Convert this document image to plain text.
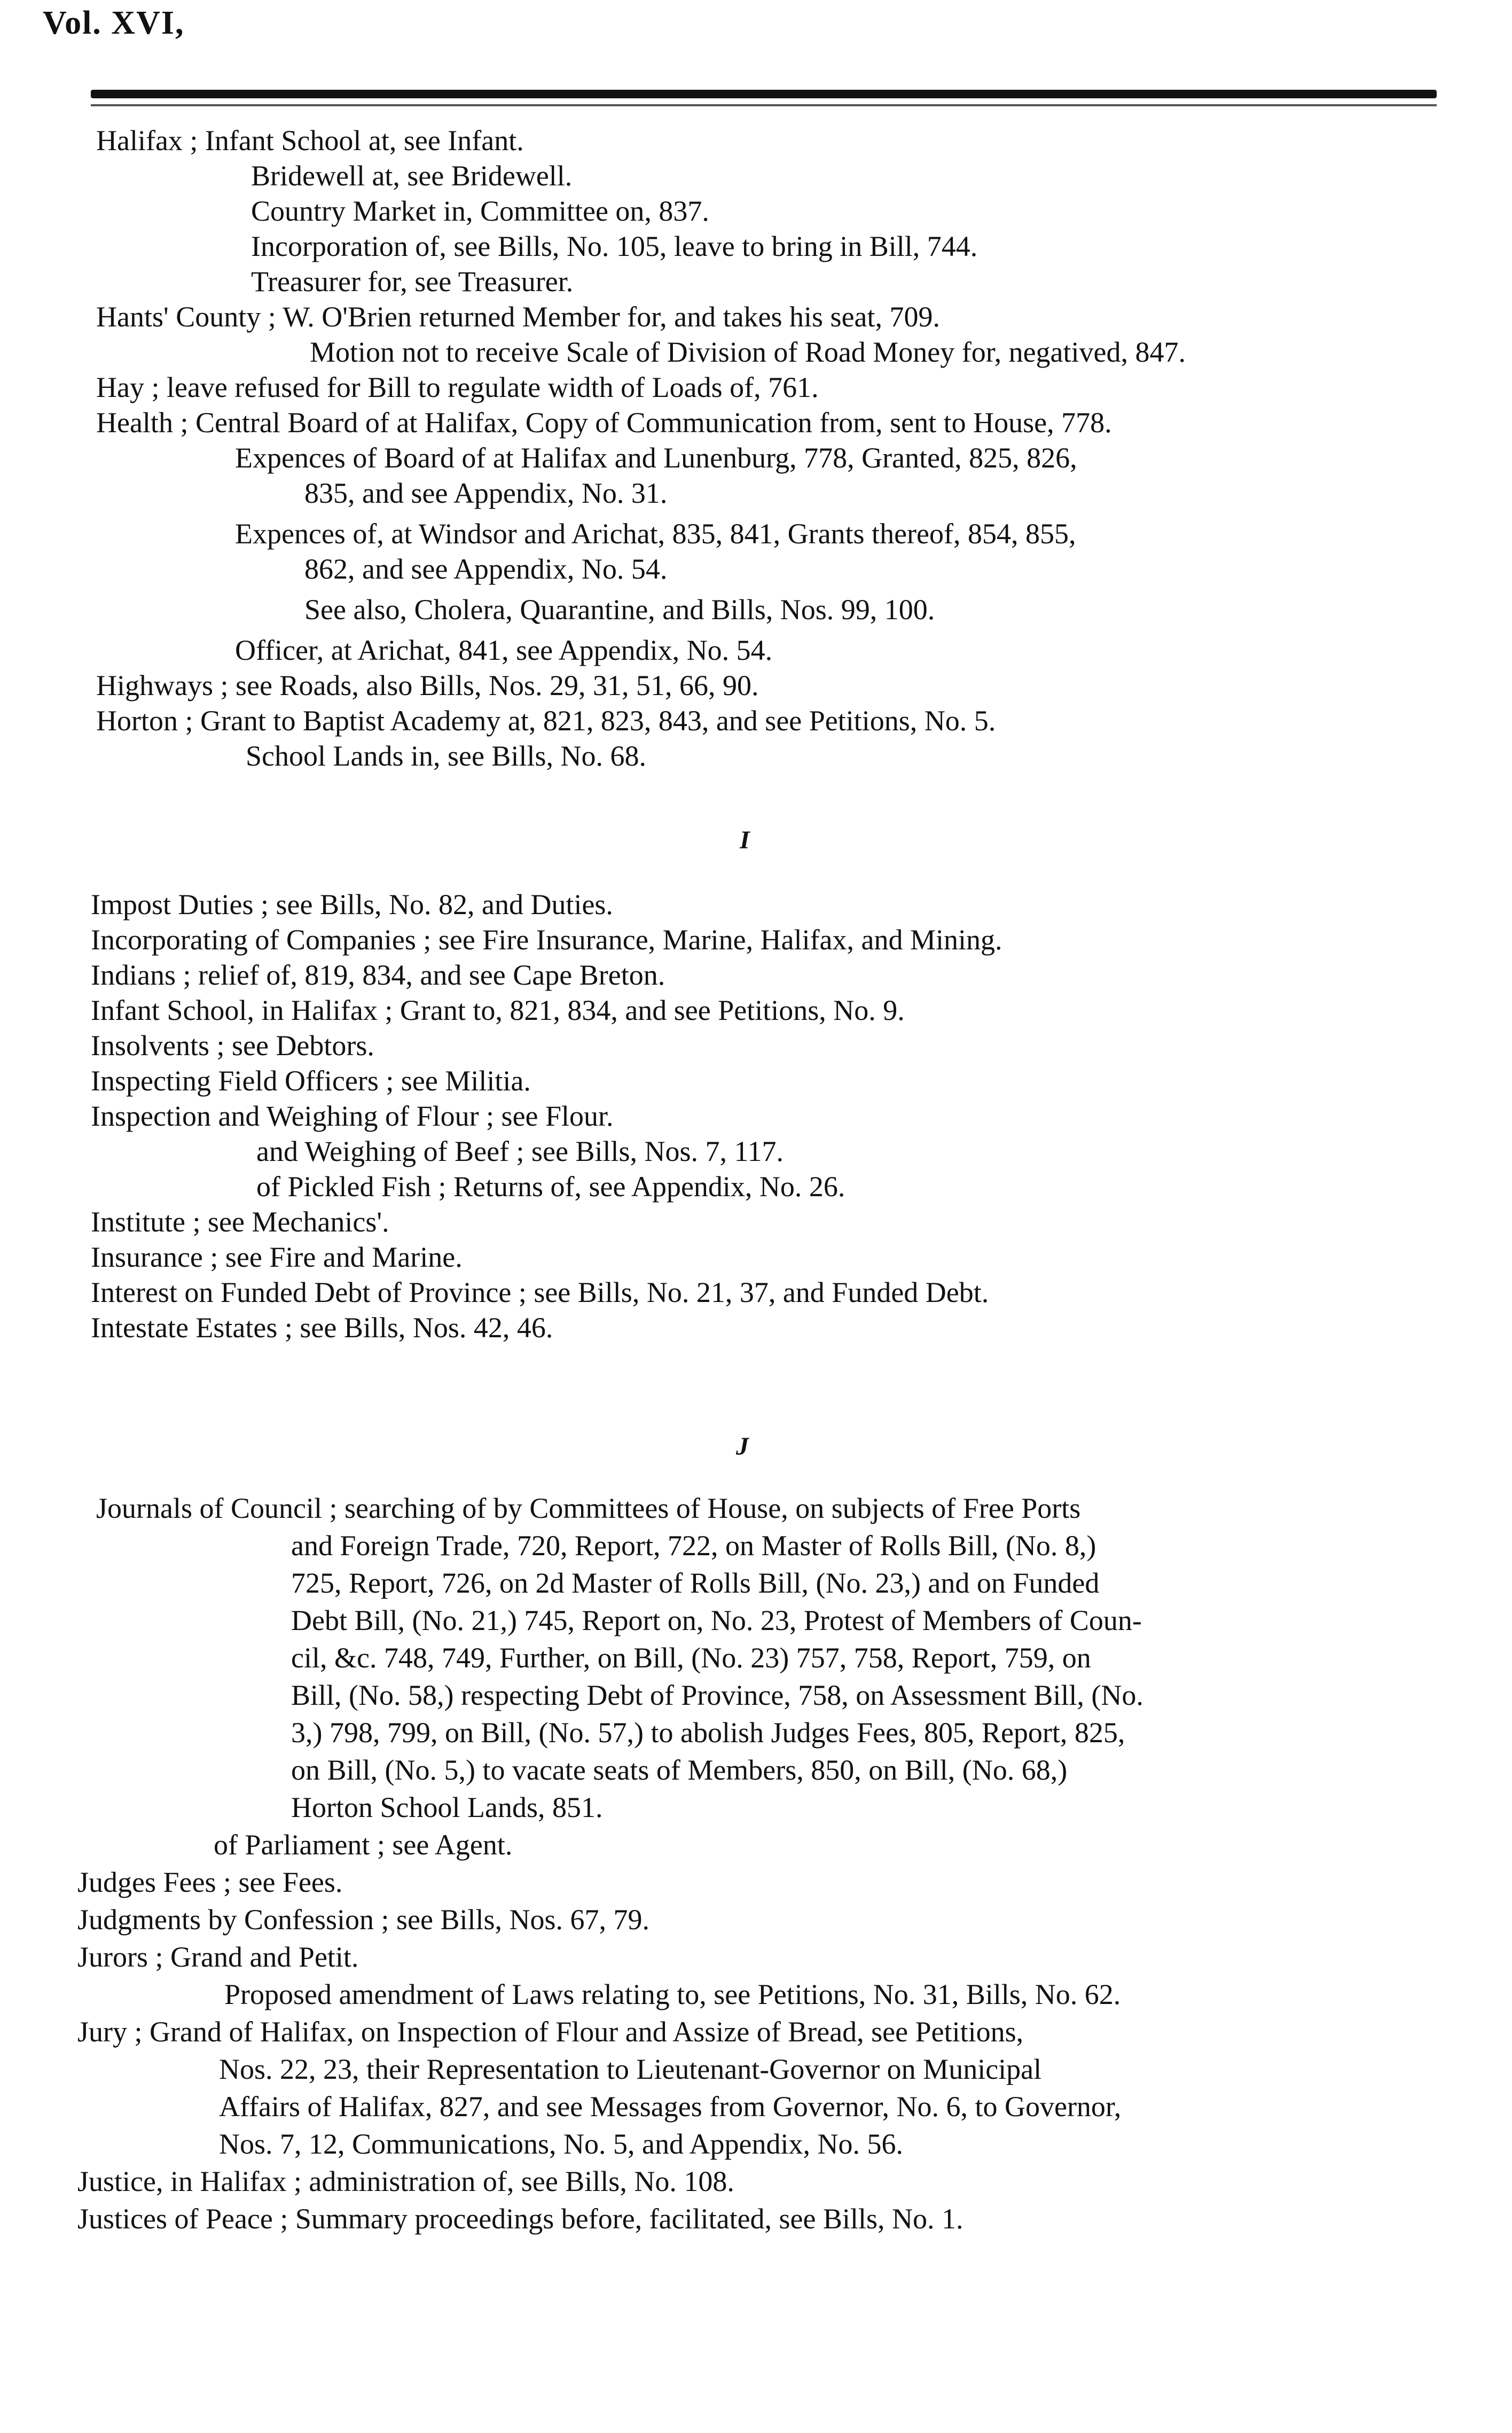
Vol. XVI,
Halifax ; Infant School at, see Infant.
Bridewell at, see Bridewell.
Country Market in, Committee on, 837.
Incorporation of, see Bills, No. 105, leave to bring in Bill, 744.
Treasurer for, see Treasurer.
Hants' County ; W. O'Brien returned Member for, and takes his seat, 709.
Motion not to receive Scale of Division of Road Money for, negatived, 847.
Hay ; leave refused for Bill to regulate width of Loads of, 761.
Health ; Central Board of at Halifax, Copy of Communication from, sent to House, 778.
Expences of Board of at Halifax and Lunenburg, 778, Granted, 825, 826,
835, and see Appendix, No. 31.
Expences of, at Windsor and Arichat, 835, 841, Grants thereof, 854, 855,
862, and see Appendix, No. 54.
See also, Cholera, Quarantine, and Bills, Nos. 99, 100.
Officer, at Arichat, 841, see Appendix, No. 54.
Highways ; see Roads, also Bills, Nos. 29, 31, 51, 66, 90.
Horton ; Grant to Baptist Academy at, 821, 823, 843, and see Petitions, No. 5.
School Lands in, see Bills, No. 68.
I
Impost Duties ; see Bills, No. 82, and Duties.
Incorporating of Companies ; see Fire Insurance, Marine, Halifax, and Mining.
Indians ; relief of, 819, 834, and see Cape Breton.
Infant School, in Halifax ; Grant to, 821, 834, and see Petitions, No. 9.
Insolvents ; see Debtors.
Inspecting Field Officers ; see Militia.
Inspection and Weighing of Flour ; see Flour.
and Weighing of Beef ; see Bills, Nos. 7, 117.
of Pickled Fish ; Returns of, see Appendix, No. 26.
Institute ; see Mechanics'.
Insurance ; see Fire and Marine.
Interest on Funded Debt of Province ; see Bills, No. 21, 37, and Funded Debt.
Intestate Estates ; see Bills, Nos. 42, 46.
J
Journals of Council ; searching of by Committees of House, on subjects of Free Ports
and Foreign Trade, 720, Report, 722, on Master of Rolls Bill, (No. 8,)
725, Report, 726, on 2d Master of Rolls Bill, (No. 23,) and on Funded
Debt Bill, (No. 21,) 745, Report on, No. 23, Protest of Members of Coun-
cil, &c. 748, 749, Further, on Bill, (No. 23) 757, 758, Report, 759, on
Bill, (No. 58,) respecting Debt of Province, 758, on Assessment Bill, (No.
3,) 798, 799, on Bill, (No. 57,) to abolish Judges Fees, 805, Report, 825,
on Bill, (No. 5,) to vacate seats of Members, 850, on Bill, (No. 68,)
Horton School Lands, 851.
of Parliament ; see Agent.
Judges Fees ; see Fees.
Judgments by Confession ; see Bills, Nos. 67, 79.
Jurors ; Grand and Petit.
Proposed amendment of Laws relating to, see Petitions, No. 31, Bills, No. 62.
Jury ; Grand of Halifax, on Inspection of Flour and Assize of Bread, see Petitions,
Nos. 22, 23, their Representation to Lieutenant-Governor on Municipal
Affairs of Halifax, 827, and see Messages from Governor, No. 6, to Governor,
Nos. 7, 12, Communications, No. 5, and Appendix, No. 56.
Justice, in Halifax ; administration of, see Bills, No. 108.
Justices of Peace ; Summary proceedings before, facilitated, see Bills, No. 1.
